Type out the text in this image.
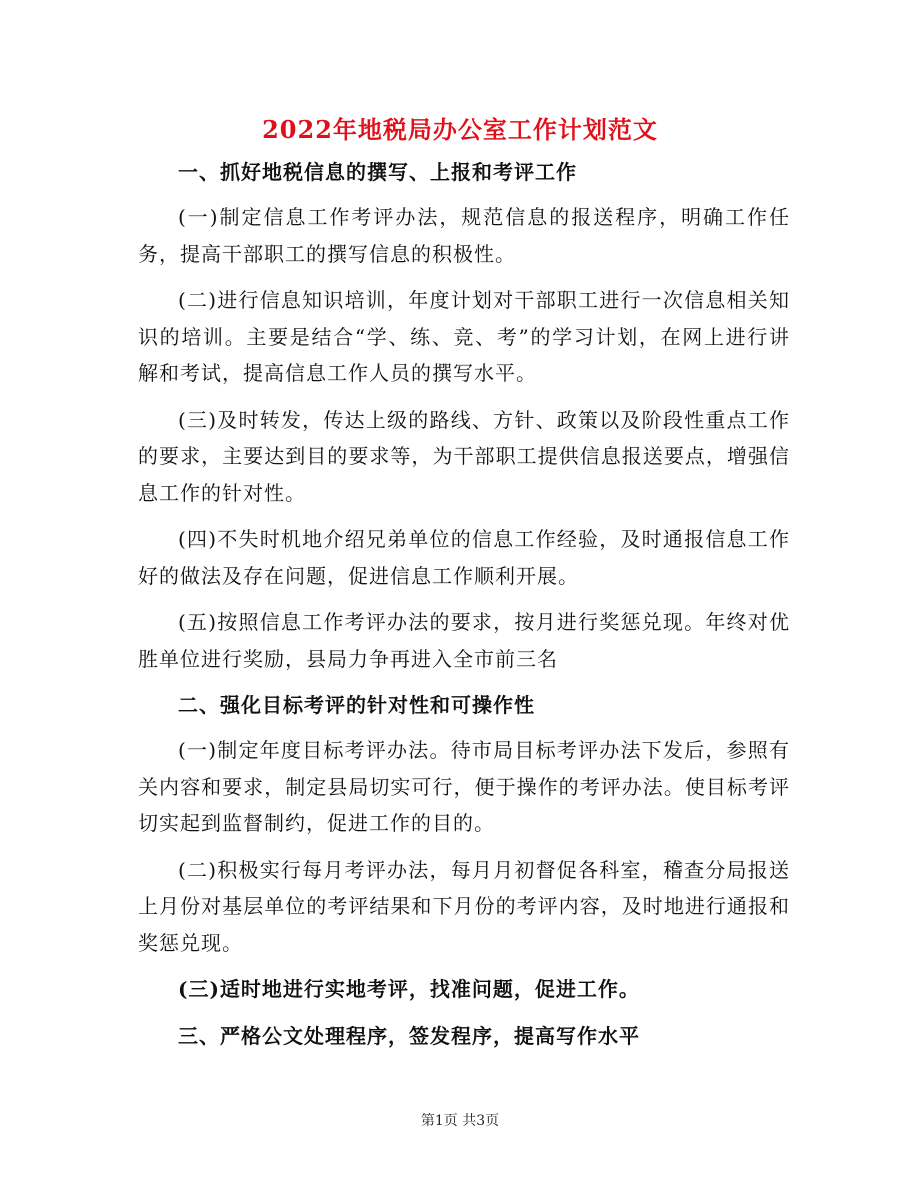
2022年地税局办公室工作计划范文
一、抓好地税信息的撰写、上报和考评工作

(一)制定信息工作考评办法，规范信息的报送程序，明确工作任务，提高干部职工的撰写信息的积极性。

(二)进行信息知识培训，年度计划对干部职工进行一次信息相关知识的培训。主要是结合“学、练、竞、考”的学习计划，在网上进行讲解和考试，提高信息工作人员的撰写水平。

(三)及时转发，传达上级的路线、方针、政策以及阶段性重点工作的要求，主要达到目的要求等，为干部职工提供信息报送要点，增强信息工作的针对性。

(四)不失时机地介绍兄弟单位的信息工作经验，及时通报信息工作好的做法及存在问题，促进信息工作顺利开展。

(五)按照信息工作考评办法的要求，按月进行奖惩兑现。年终对优胜单位进行奖励，县局力争再进入全市前三名

二、强化目标考评的针对性和可操作性

(一)制定年度目标考评办法。待市局目标考评办法下发后，参照有关内容和要求，制定县局切实可行，便于操作的考评办法。使目标考评切实起到监督制约，促进工作的目的。

(二)积极实行每月考评办法，每月月初督促各科室，稽查分局报送上月份对基层单位的考评结果和下月份的考评内容，及时地进行通报和奖惩兑现。

(三)适时地进行实地考评，找准问题，促进工作。
三、严格公文处理程序，签发程序，提高写作水平
第1页 共3页
